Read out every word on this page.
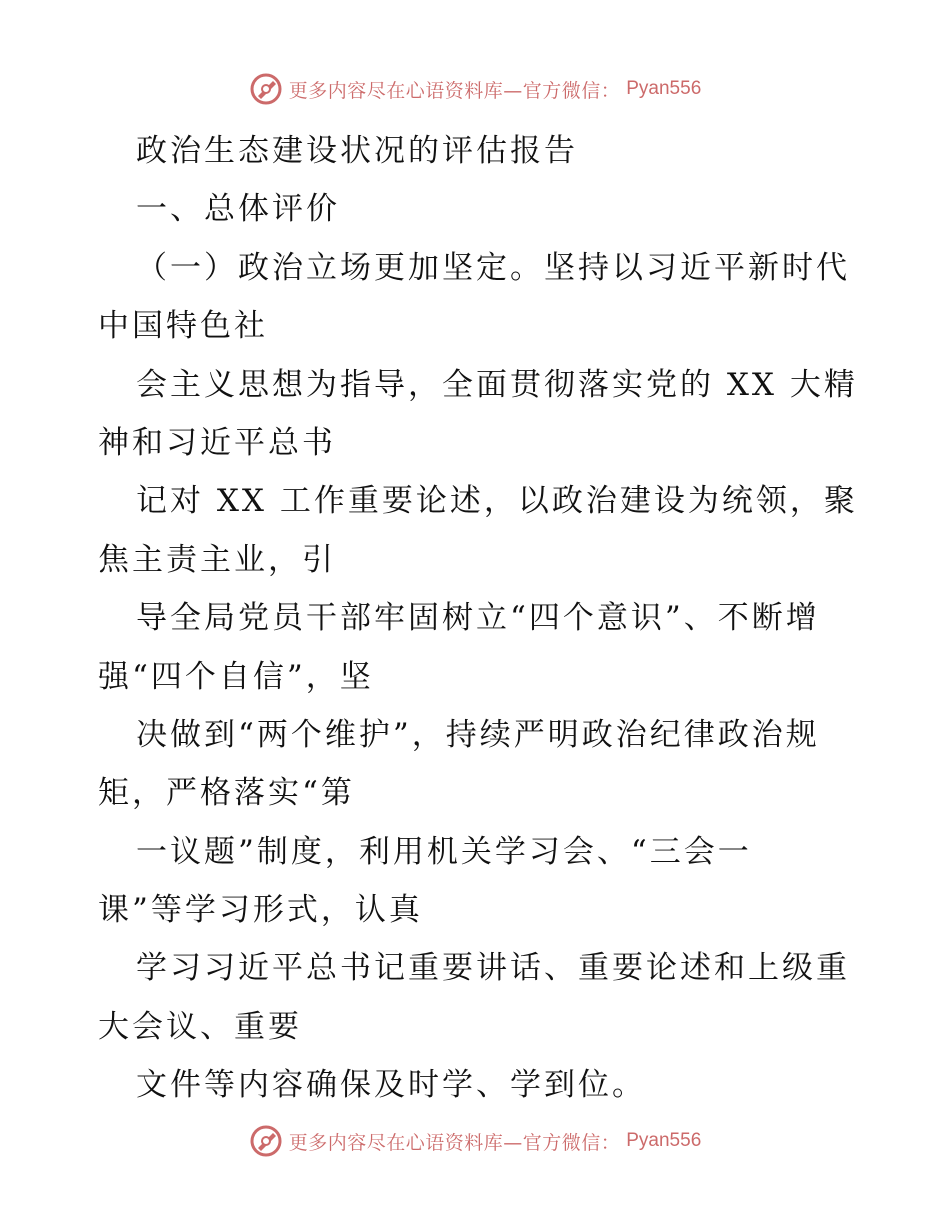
更多内容尽在心语资料库—官方微信： Pyan556
政治生态建设状况的评估报告
一、总体评价
（一）政治立场更加坚定。坚持以习近平新时代
中国特色社
会主义思想为指导，全面贯彻落实党的 XX 大精
神和习近平总书
记对 XX 工作重要论述，以政治建设为统领，聚
焦主责主业，引
导全局党员干部牢固树立“四个意识”、不断增
强“四个自信”，坚
决做到“两个维护”，持续严明政治纪律政治规
矩，严格落实“第
一议题”制度，利用机关学习会、“三会一
课”等学习形式，认真
学习习近平总书记重要讲话、重要论述和上级重
大会议、重要
文件等内容确保及时学、学到位。
更多内容尽在心语资料库—官方微信： Pyan556
